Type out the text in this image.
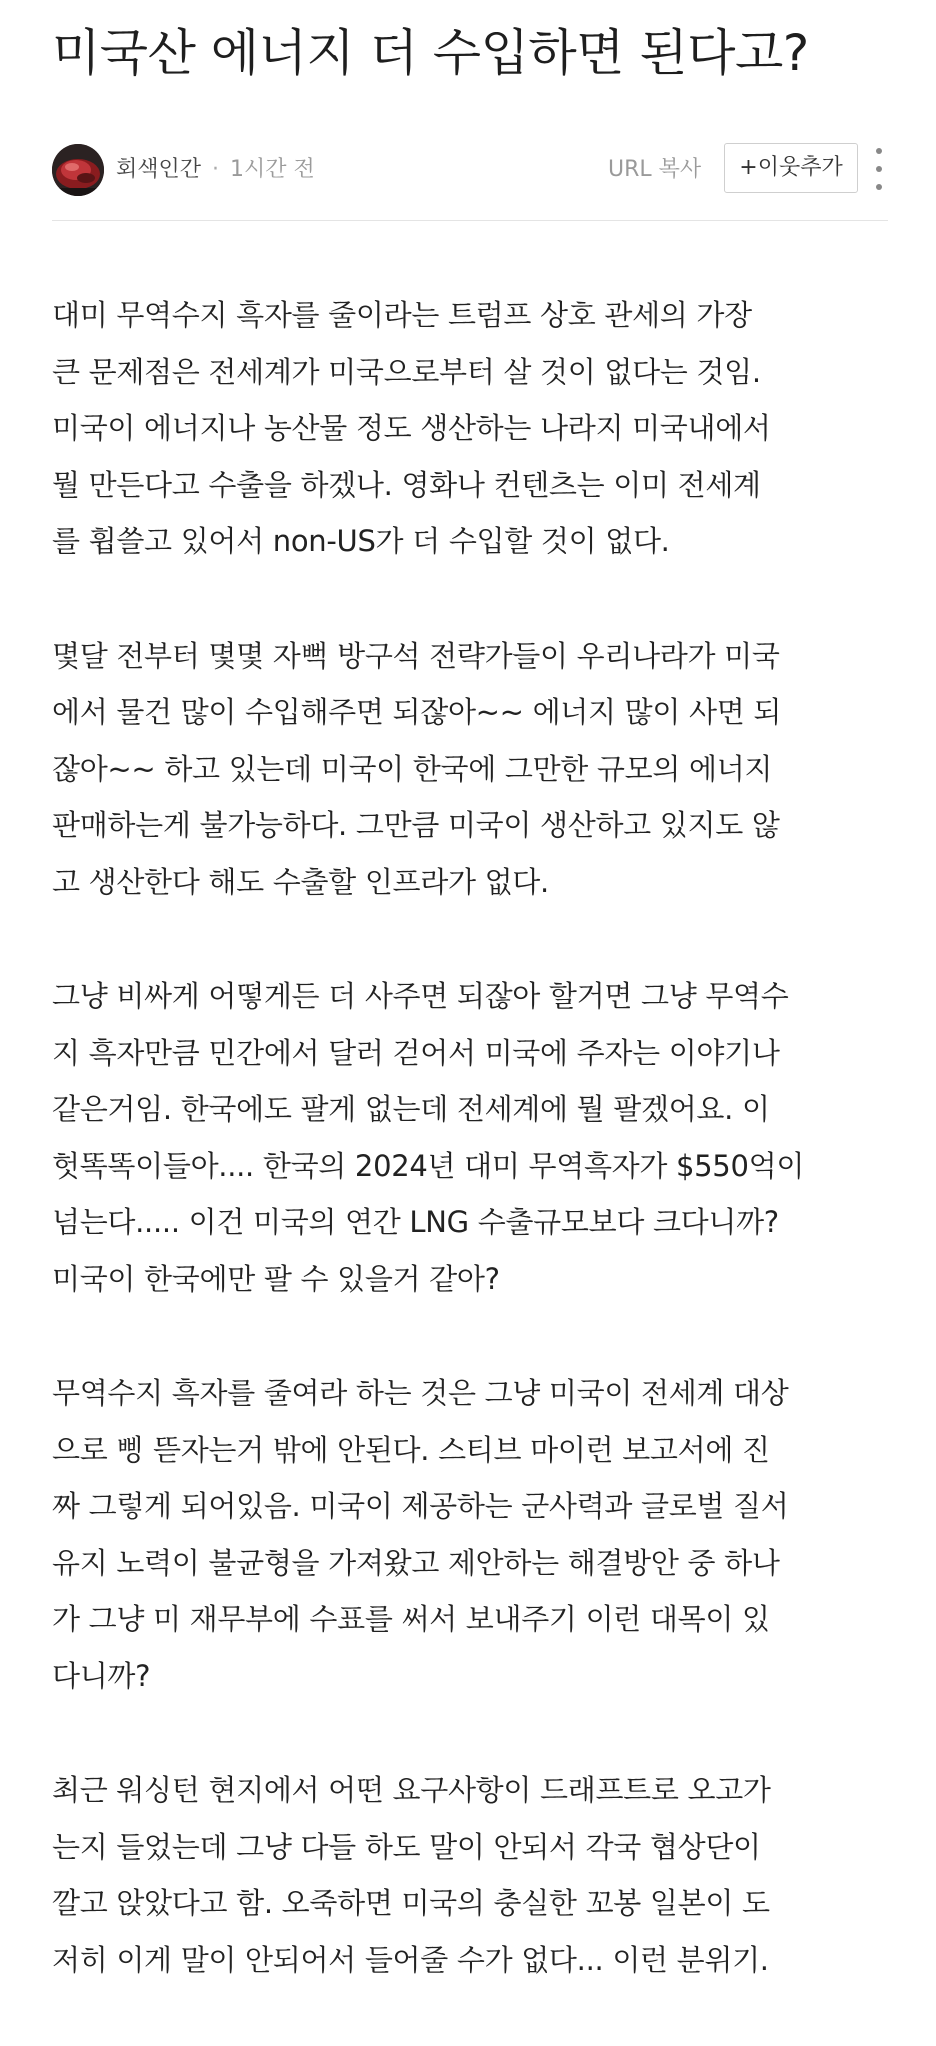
미국산 에너지 더 수입하면 된다고?
회색인간 · 1시간 전	URL 복사	+이웃추가

대미 무역수지 흑자를 줄이라는 트럼프 상호 관세의 가장
큰 문제점은 전세계가 미국으로부터 살 것이 없다는 것임.
미국이 에너지나 농산물 정도 생산하는 나라지 미국내에서
뭘 만든다고 수출을 하겠나. 영화나 컨텐츠는 이미 전세계
를 휩쓸고 있어서 non-US가 더 수입할 것이 없다.

몇달 전부터 몇몇 자뻑 방구석 전략가들이 우리나라가 미국
에서 물건 많이 수입해주면 되잖아~~ 에너지 많이 사면 되
잖아~~ 하고 있는데 미국이 한국에 그만한 규모의 에너지
판매하는게 불가능하다. 그만큼 미국이 생산하고 있지도 않
고 생산한다 해도 수출할 인프라가 없다.

그냥 비싸게 어떻게든 더 사주면 되잖아 할거면 그냥 무역수
지 흑자만큼 민간에서 달러 걷어서 미국에 주자는 이야기나
같은거임. 한국에도 팔게 없는데 전세계에 뭘 팔겠어요. 이
헛똑똑이들아.... 한국의 2024년 대미 무역흑자가 $550억이
넘는다..... 이건 미국의 연간 LNG 수출규모보다 크다니까?
미국이 한국에만 팔 수 있을거 같아?

무역수지 흑자를 줄여라 하는 것은 그냥 미국이 전세계 대상
으로 삥 뜯자는거 밖에 안된다. 스티브 마이런 보고서에 진
짜 그렇게 되어있음. 미국이 제공하는 군사력과 글로벌 질서
유지 노력이 불균형을 가져왔고 제안하는 해결방안 중 하나
가 그냥 미 재무부에 수표를 써서 보내주기 이런 대목이 있
다니까?

최근 워싱턴 현지에서 어떤 요구사항이 드래프트로 오고가
는지 들었는데 그냥 다들 하도 말이 안되서 각국 협상단이
깔고 앉았다고 함. 오죽하면 미국의 충실한 꼬봉 일본이 도
저히 이게 말이 안되어서 들어줄 수가 없다... 이런 분위기.
